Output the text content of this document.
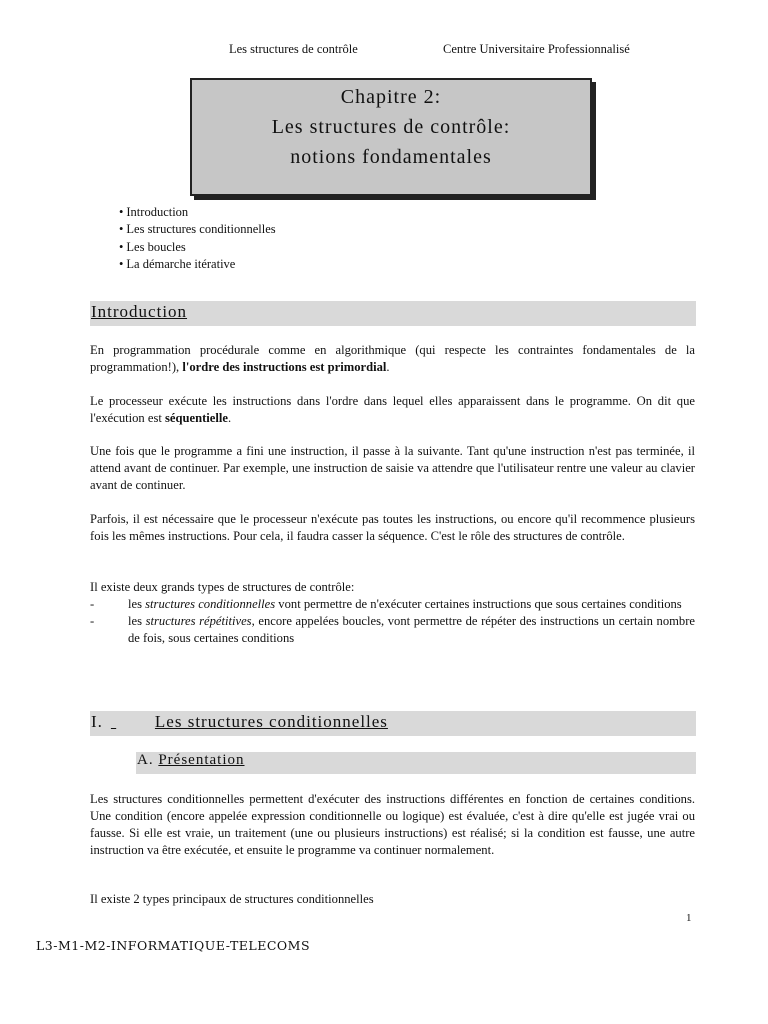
Les structures de contrôle	Centre Universitaire Professionnalisé
Chapitre 2:
Les structures de contrôle:
notions fondamentales
• Introduction
• Les structures conditionnelles
• Les boucles
• La démarche itérative
Introduction
En programmation procédurale comme en algorithmique (qui respecte les contraintes fondamentales de la programmation!), l'ordre des instructions est primordial.
Le processeur exécute les instructions dans l'ordre dans lequel elles apparaissent dans le programme. On dit que l'exécution est séquentielle.
Une fois que le programme a fini une instruction, il passe à la suivante. Tant qu'une instruction n'est pas terminée, il attend avant de continuer. Par exemple, une instruction de saisie va attendre que l'utilisateur rentre une valeur au clavier avant de continuer.
Parfois, il est nécessaire que le processeur n'exécute pas toutes les instructions, ou encore qu'il recommence plusieurs fois les mêmes instructions. Pour cela, il faudra casser la séquence. C'est le rôle des structures de contrôle.
Il existe deux grands types de structures de contrôle:
-	les structures conditionnelles vont permettre de n'exécuter certaines instructions que sous certaines conditions
-	les structures répétitives, encore appelées boucles, vont permettre de répéter des instructions un certain nombre de fois, sous certaines conditions
I.	Les structures conditionnelles
A. Présentation
Les structures conditionnelles permettent d'exécuter des instructions différentes en fonction de certaines conditions. Une condition (encore appelée expression conditionnelle ou logique) est évaluée, c'est à dire qu'elle est jugée vrai ou fausse. Si elle est vraie, un traitement (une ou plusieurs instructions) est réalisé; si la condition est fausse, une autre instruction va être exécutée, et ensuite le programme va continuer normalement.
Il existe 2 types principaux de structures conditionnelles
1
L3-M1-M2-INFORMATIQUE-TELECOMS
